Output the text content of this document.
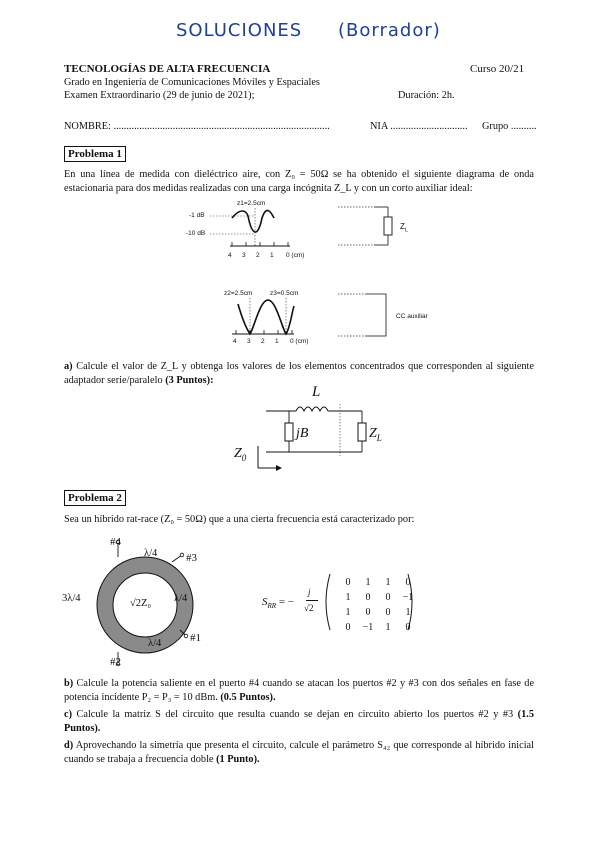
SOLUCIONES (Borrador)
TECNOLOGÍAS DE ALTA FRECUENCIA	Curso 20/21
Grado en Ingeniería de Comunicaciones Móviles y Espaciales
Examen Extraordinario (29 de junio de 2021);	Duración: 2h.
NOMBRE: ....................................................................................	NIA .............................. Grupo ..........
Problema 1
En una línea de medida con dieléctrico aire, con Z₀ = 50Ω se ha obtenido el siguiente diagrama de onda estacionaria para dos medidas realizadas con una carga incógnita Z_L y con un corto auxiliar ideal:
z1=2.5cm
-1 dB
-10 dB
4 3 2 1 0 (cm)
$Z_L$
z2=2.5cm	z3=0.5cm
4 3 2 1 0 (cm)
CC auxiliar
a) Calcule el valor de Z_L y obtenga los valores de los elementos concentrados que corresponden al siguiente adaptador serie/paralelo (3 Puntos):
L
jB	$Z_L$
$Z_0$
Problema 2
Sea un híbrido rat-race (Z₀ = 50Ω) que a una cierta frecuencia está caracterizado por:
#4
#3
#1
#2
λ/4
λ/4
λ/4
3λ/4	√2Z₀	$S_{RR}$ = −
j
√2
0	1	1	0
1	0	0	−1
1	0	0	1
0	−1	1	0
b) Calcule la potencia saliente en el puerto #4 cuando se atacan los puertos #2 y #3 con dos señales en fase de potencia incidente P₂ = P₃ = 10 dBm. (0.5 Puntos).
c) Calcule la matriz S del circuito que resulta cuando se dejan en circuito abierto los puertos #2 y #3 (1.5 Puntos).
d) Aprovechando la simetría que presenta el circuito, calcule el parámetro S₄₂ que corresponde al híbrido inicial cuando se trabaja a frecuencia doble (1 Punto).
